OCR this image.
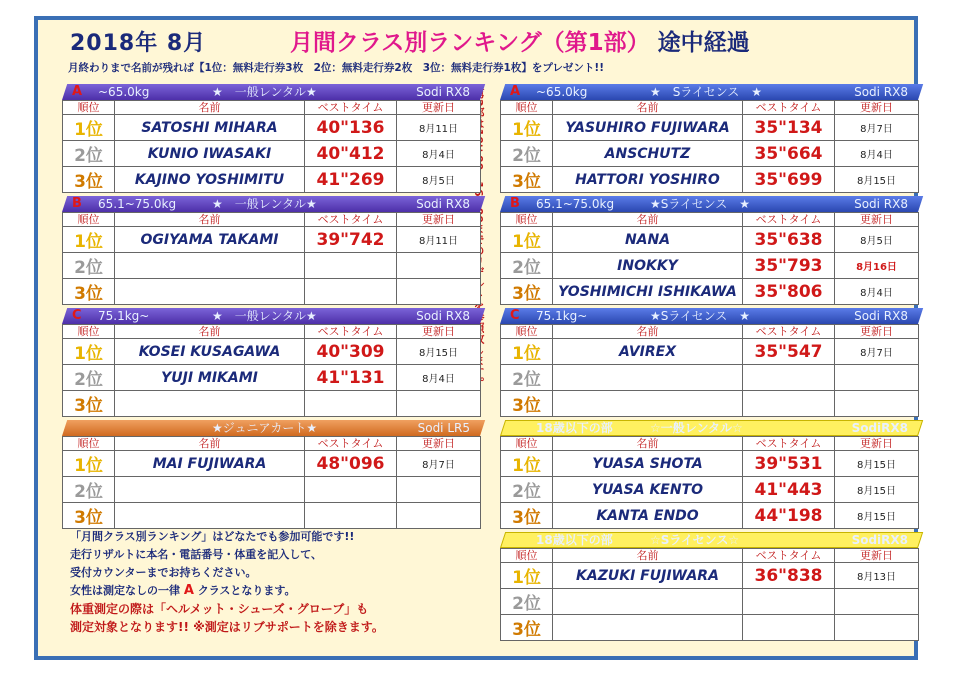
2018年 8月	月間クラス別ランキング（第1部） 途中経過
月終わりまで名前が残れば【1位：無料走行券3枚　2位：無料走行券2枚　3位：無料走行券1枚】をプレゼント!!
「月間クラス別ランキング」はどなたでも参加可能です!!
走行リザルトに本名・電話番号・体重を記入して、
受付カウンターまでお持ちください。
女性は測定なしの一律 A クラスとなります。
体重測定の際は「ヘルメット・シューズ・グローブ」も
測定対象となります!! ※測定はリブサポートを除きます。
A ~65.0kg	★　一般レンタル★	Sodi RX8
順位	名前	ベストタイム	更新日
1位	SATOSHI MIHARA	40"136	8月11日
2位	KUNIO IWASAKI	40"412	8月4日
3位	KAJINO YOSHIMITU	41"269	8月5日
B 65.1~75.0kg	★　一般レンタル★	Sodi RX8
順位	名前	ベストタイム	更新日
1位	OGIYAMA TAKAMI	39"742	8月11日
2位			
3位			
C 75.1kg~	★　一般レンタル★	Sodi RX8
順位	名前	ベストタイム	更新日
1位	KOSEI KUSAGAWA	40"309	8月15日
2位	YUJI MIKAMI	41"131	8月4日
3位			
★ジュニアカート★	Sodi LR5
順位	名前	ベストタイム	更新日
1位	MAI FUJIWARA	48"096	8月7日
2位			
3位			
A ~65.0kg	★　Sライセンス　★	Sodi RX8
順位	名前	ベストタイム	更新日
1位	YASUHIRO FUJIWARA	35"134	8月7日
2位	ANSCHUTZ	35"664	8月4日
3位	HATTORI YOSHIRO	35"699	8月15日
B 65.1~75.0kg	★Sライセンス　★	Sodi RX8
順位	名前	ベストタイム	更新日
1位	NANA	35"638	8月5日
2位	INOKKY	35"793	8月16日
3位	YOSHIMICHI ISHIKAWA	35"806	8月4日
C 75.1kg~	★Sライセンス　★	Sodi RX8
順位	名前	ベストタイム	更新日
1位	AVIREX	35"547	8月7日
2位			
3位			
18歳以下の部	☆一般レンタル☆	SodiRX8
順位	名前	ベストタイム	更新日
1位	YUASA SHOTA	39"531	8月15日
2位	YUASA KENTO	41"443	8月15日
3位	KANTA ENDO	44"198	8月15日
18歳以下の部	☆Sライセンス☆	SodiRX8
順位	名前	ベストタイム	更新日
1位	KAZUKI FUJIWARA	36"838	8月13日
2位			
3位			
